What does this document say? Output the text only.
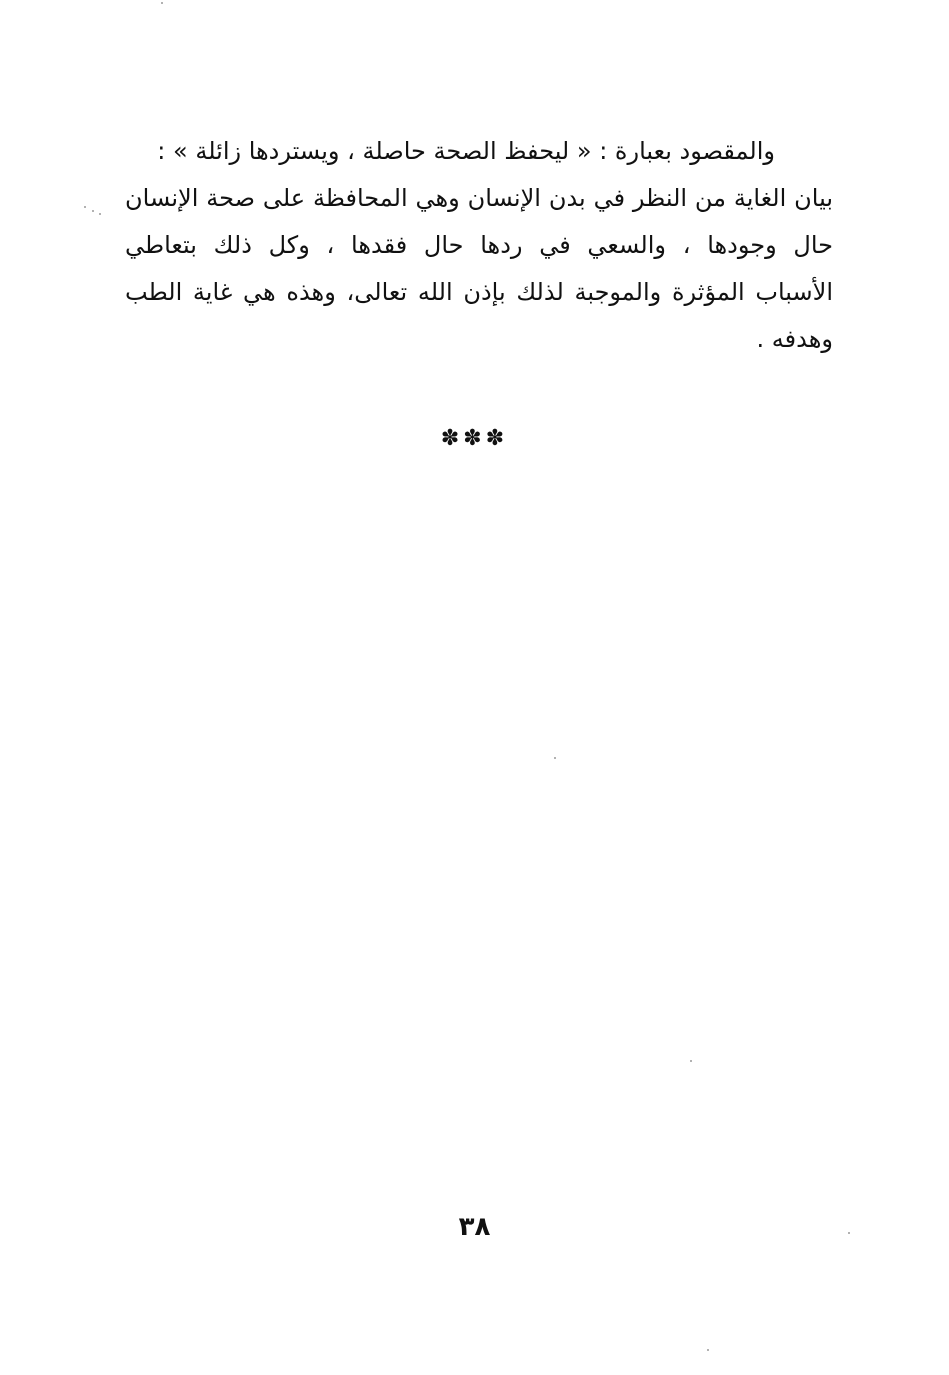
والمقصود بعبارة : « ليحفظ الصحة حاصلة ، ويستردها زائلة » :
بيان الغاية من النظر في بدن الإنسان وهي المحافظة على صحة الإنسان
حال وجودها ، والسعي في ردها حال فقدها ، وكل ذلك بتعاطي
الأسباب المؤثرة والموجبة لذلك بإذن الله تعالى، وهذه هي غاية الطب
وهدفه .
✽✽✽
٣٨
